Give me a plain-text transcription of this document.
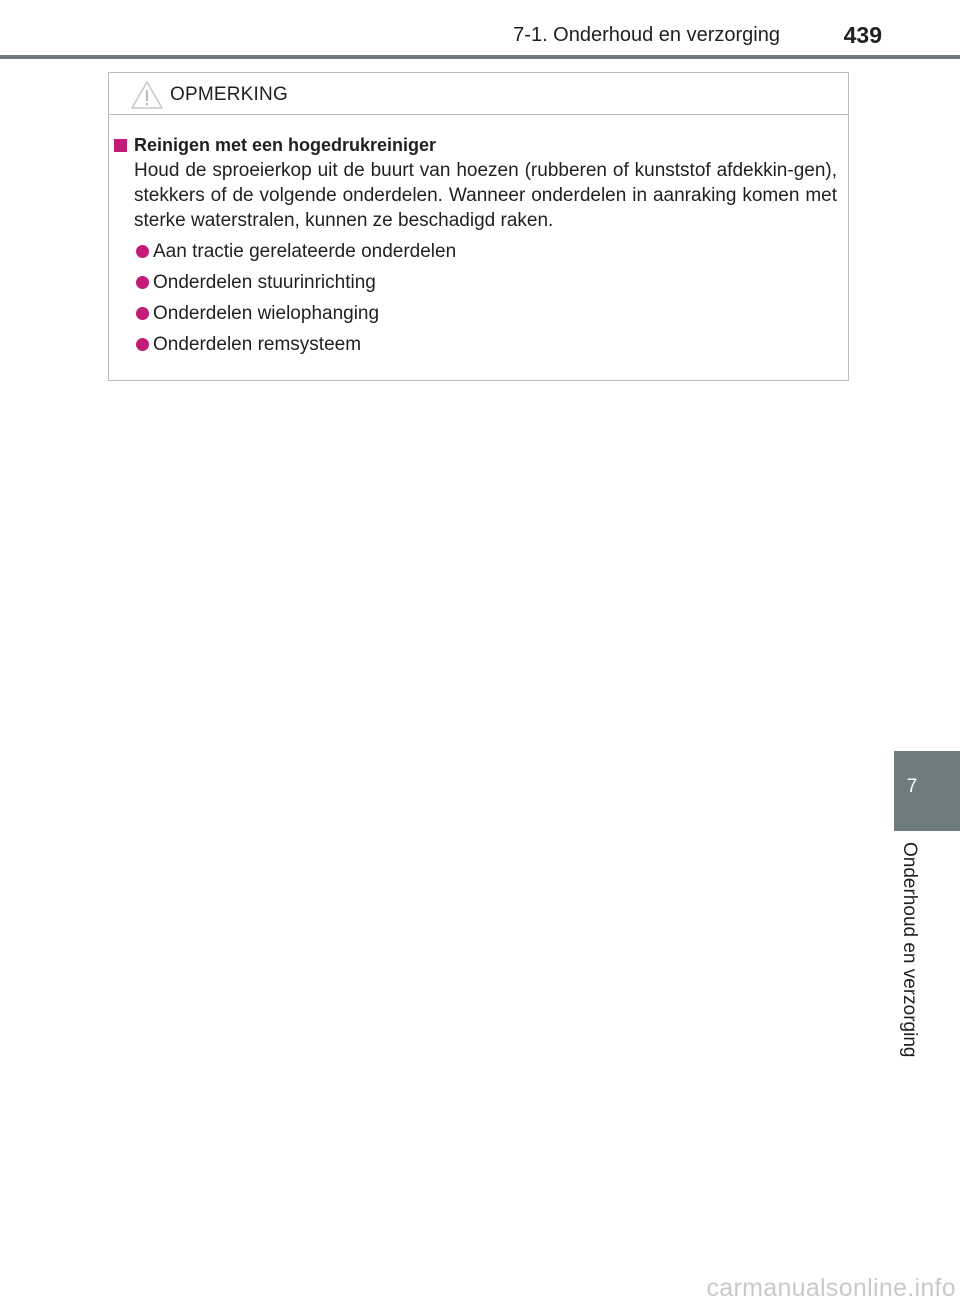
7-1. Onderhoud en verzorging	439
OPMERKING
Reinigen met een hogedrukreiniger
Houd de sproeierkop uit de buurt van hoezen (rubberen of kunststof afdekkin-gen), stekkers of de volgende onderdelen. Wanneer onderdelen in aanraking komen met sterke waterstralen, kunnen ze beschadigd raken.
Aan tractie gerelateerde onderdelen
Onderdelen stuurinrichting
Onderdelen wielophanging
Onderdelen remsysteem
7
Onderhoud en verzorging
carmanualsonline.info
